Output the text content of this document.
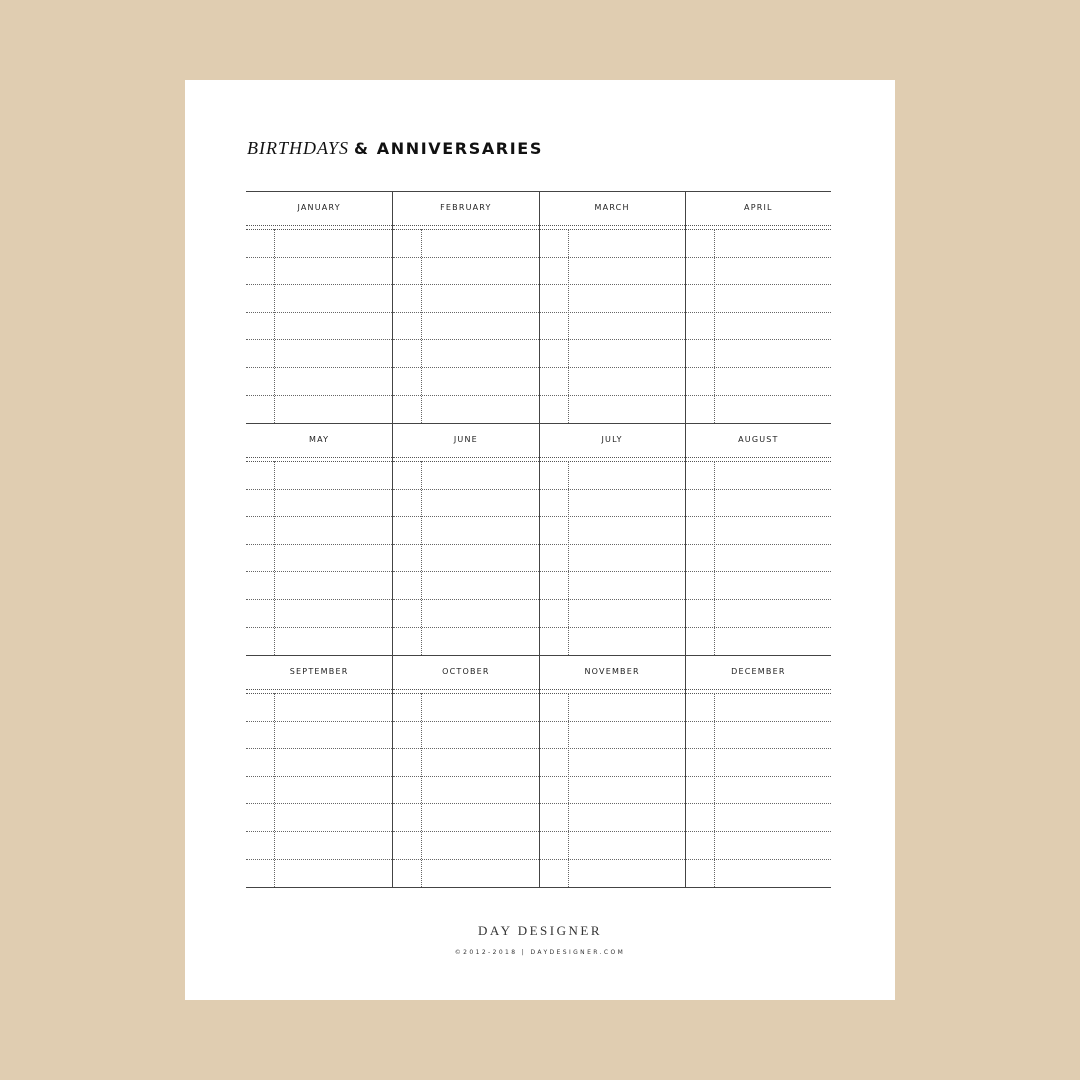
BIRTHDAYS & ANNIVERSARIES
JANUARY	FEBRUARY	MARCH	APRIL
MAY	JUNE	JULY	AUGUST
SEPTEMBER	OCTOBER	NOVEMBER	DECEMBER
DAY DESIGNER
©2012-2018 | DAYDESIGNER.COM
